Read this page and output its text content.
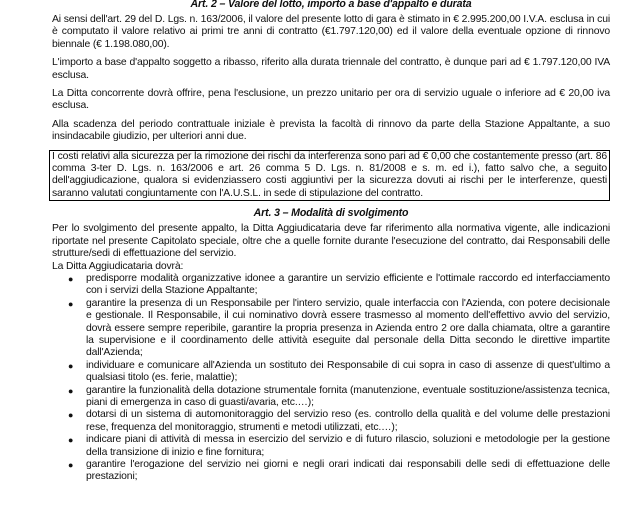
Art. 2 – Valore del lotto, importo a base d'appalto e durata
Ai sensi dell'art. 29 del D. Lgs. n. 163/2006, il valore del presente lotto di gara è stimato in € 2.995.200,00 I.V.A. esclusa in cui è computato il valore relativo ai primi tre anni di contratto (€1.797.120,00) ed il valore della eventuale opzione di rinnovo biennale (€ 1.198.080,00).
L'importo a base d'appalto soggetto a ribasso, riferito alla durata triennale del contratto, è dunque pari ad € 1.797.120,00 IVA esclusa.
La Ditta concorrente dovrà offrire, pena l'esclusione, un prezzo unitario per ora di servizio uguale o inferiore ad € 20,00 iva esclusa.
Alla scadenza del periodo contrattuale iniziale è prevista la facoltà di rinnovo da parte della Stazione Appaltante, a suo insindacabile giudizio, per ulteriori anni due.
I costi relativi alla sicurezza per la rimozione dei rischi da interferenza sono pari ad € 0,00 che costantemente presso (art. 86 comma 3-ter D. Lgs. n. 163/2006 e art. 26 comma 5 D. Lgs. n. 81/2008 e s. m. ed i.), fatto salvo che, a seguito dell'aggiudicazione, qualora si evidenziassero costi aggiuntivi per la sicurezza dovuti ai rischi per le interferenze, questi saranno valutati congiuntamente con l'A.U.S.L. in sede di stipulazione del contratto.
Art. 3 – Modalità di svolgimento
Per lo svolgimento del presente appalto, la Ditta Aggiudicataria deve far riferimento alla normativa vigente, alle indicazioni riportate nel presente Capitolato speciale, oltre che a quelle fornite durante l'esecuzione del contratto, dai Responsabili delle strutture/sedi di effettuazione del servizio.
La Ditta Aggiudicataria dovrà:
● predisporre modalità organizzative idonee a garantire un servizio efficiente e l'ottimale raccordo ed interfacciamento con i servizi della Stazione Appaltante;
● garantire la presenza di un Responsabile per l'intero servizio, quale interfaccia con l'Azienda, con potere decisionale e gestionale. Il Responsabile, il cui nominativo dovrà essere trasmesso al momento dell'effettivo avvio del servizio, dovrà essere sempre reperibile, garantire la propria presenza in Azienda entro 2 ore dalla chiamata, oltre a garantire la supervisione e il coordinamento delle attività eseguite dal personale della Ditta secondo le direttive impartite dall'Azienda;
● individuare e comunicare all'Azienda un sostituto dei Responsabile di cui sopra in caso di assenze di quest'ultimo a qualsiasi titolo (es. ferie, malattie);
● garantire la funzionalità della dotazione strumentale fornita (manutenzione, eventuale sostituzione/assistenza tecnica, piani di emergenza in caso di guasti/avaria, etc.…);
● dotarsi di un sistema di automonitoraggio del servizio reso (es. controllo della qualità e del volume delle prestazioni rese, frequenza del monitoraggio, strumenti e metodi utilizzati, etc.…);
● indicare piani di attività di messa in esercizio del servizio e di futuro rilascio, soluzioni e metodologie per la gestione della transizione di inizio e fine fornitura;
● garantire l'erogazione del servizio nei giorni e negli orari indicati dai responsabili delle sedi di effettuazione delle prestazioni;
